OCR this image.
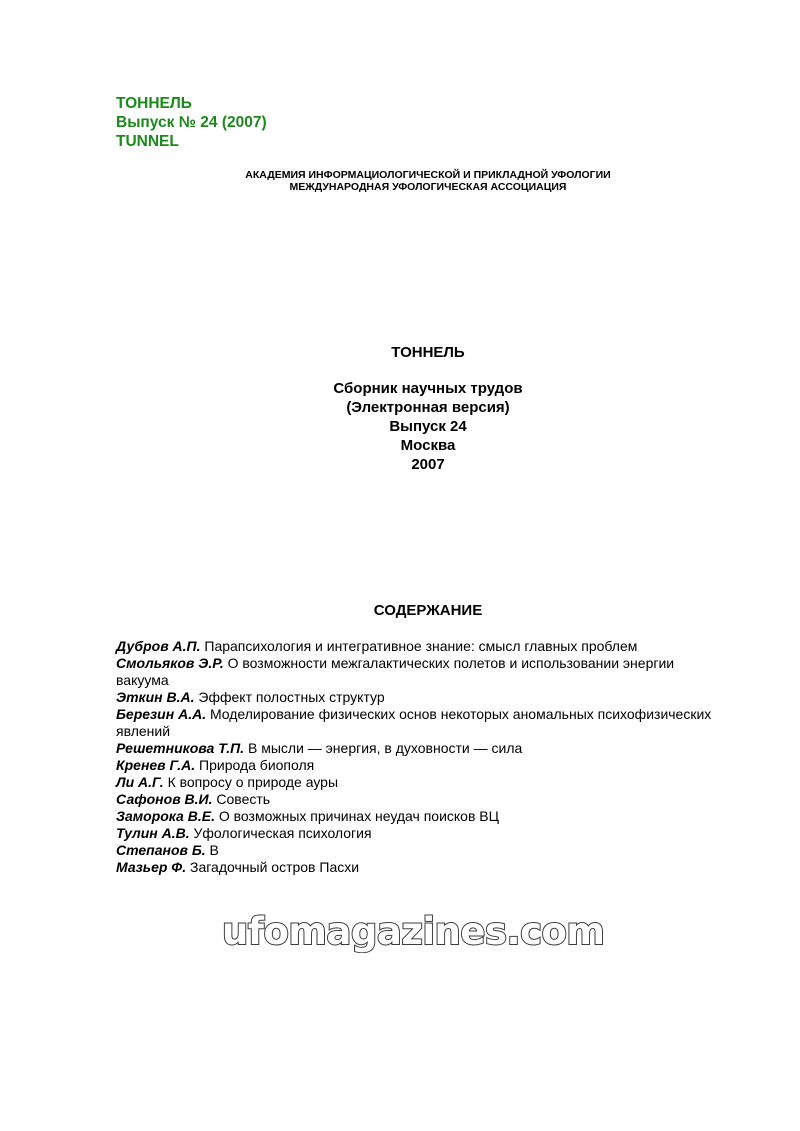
ТОННЕЛЬ
Выпуск № 24 (2007)
TUNNEL
АКАДЕМИЯ ИНФОРМАЦИОЛОГИЧЕСКОЙ И ПРИКЛАДНОЙ УФОЛОГИИ
МЕЖДУНАРОДНАЯ УФОЛОГИЧЕСКАЯ АССОЦИАЦИЯ
ТОННЕЛЬ
Сборник научных трудов
(Электронная версия)
Выпуск 24
Москва
2007
СОДЕРЖАНИЕ
Дубров А.П. Парапсихология и интегративное знание: смысл главных проблем
Смольяков Э.Р. О возможности межгалактических полетов и использовании энергии вакуума
Эткин В.А. Эффект полостных структур
Березин А.А. Моделирование физических основ некоторых аномальных психофизических явлений
Решетникова Т.П. В мысли — энергия, в духовности — сила
Кренев Г.А. Природа биополя
Ли А.Г. К вопросу о природе ауры
Сафонов В.И. Совесть
Заморока В.Е. О возможных причинах неудач поисков ВЦ
Тулин А.В. Уфологическая психология
Степанов Б. В
Мазьер Ф. Загадочный остров Пасхи
ufomagazines.com
